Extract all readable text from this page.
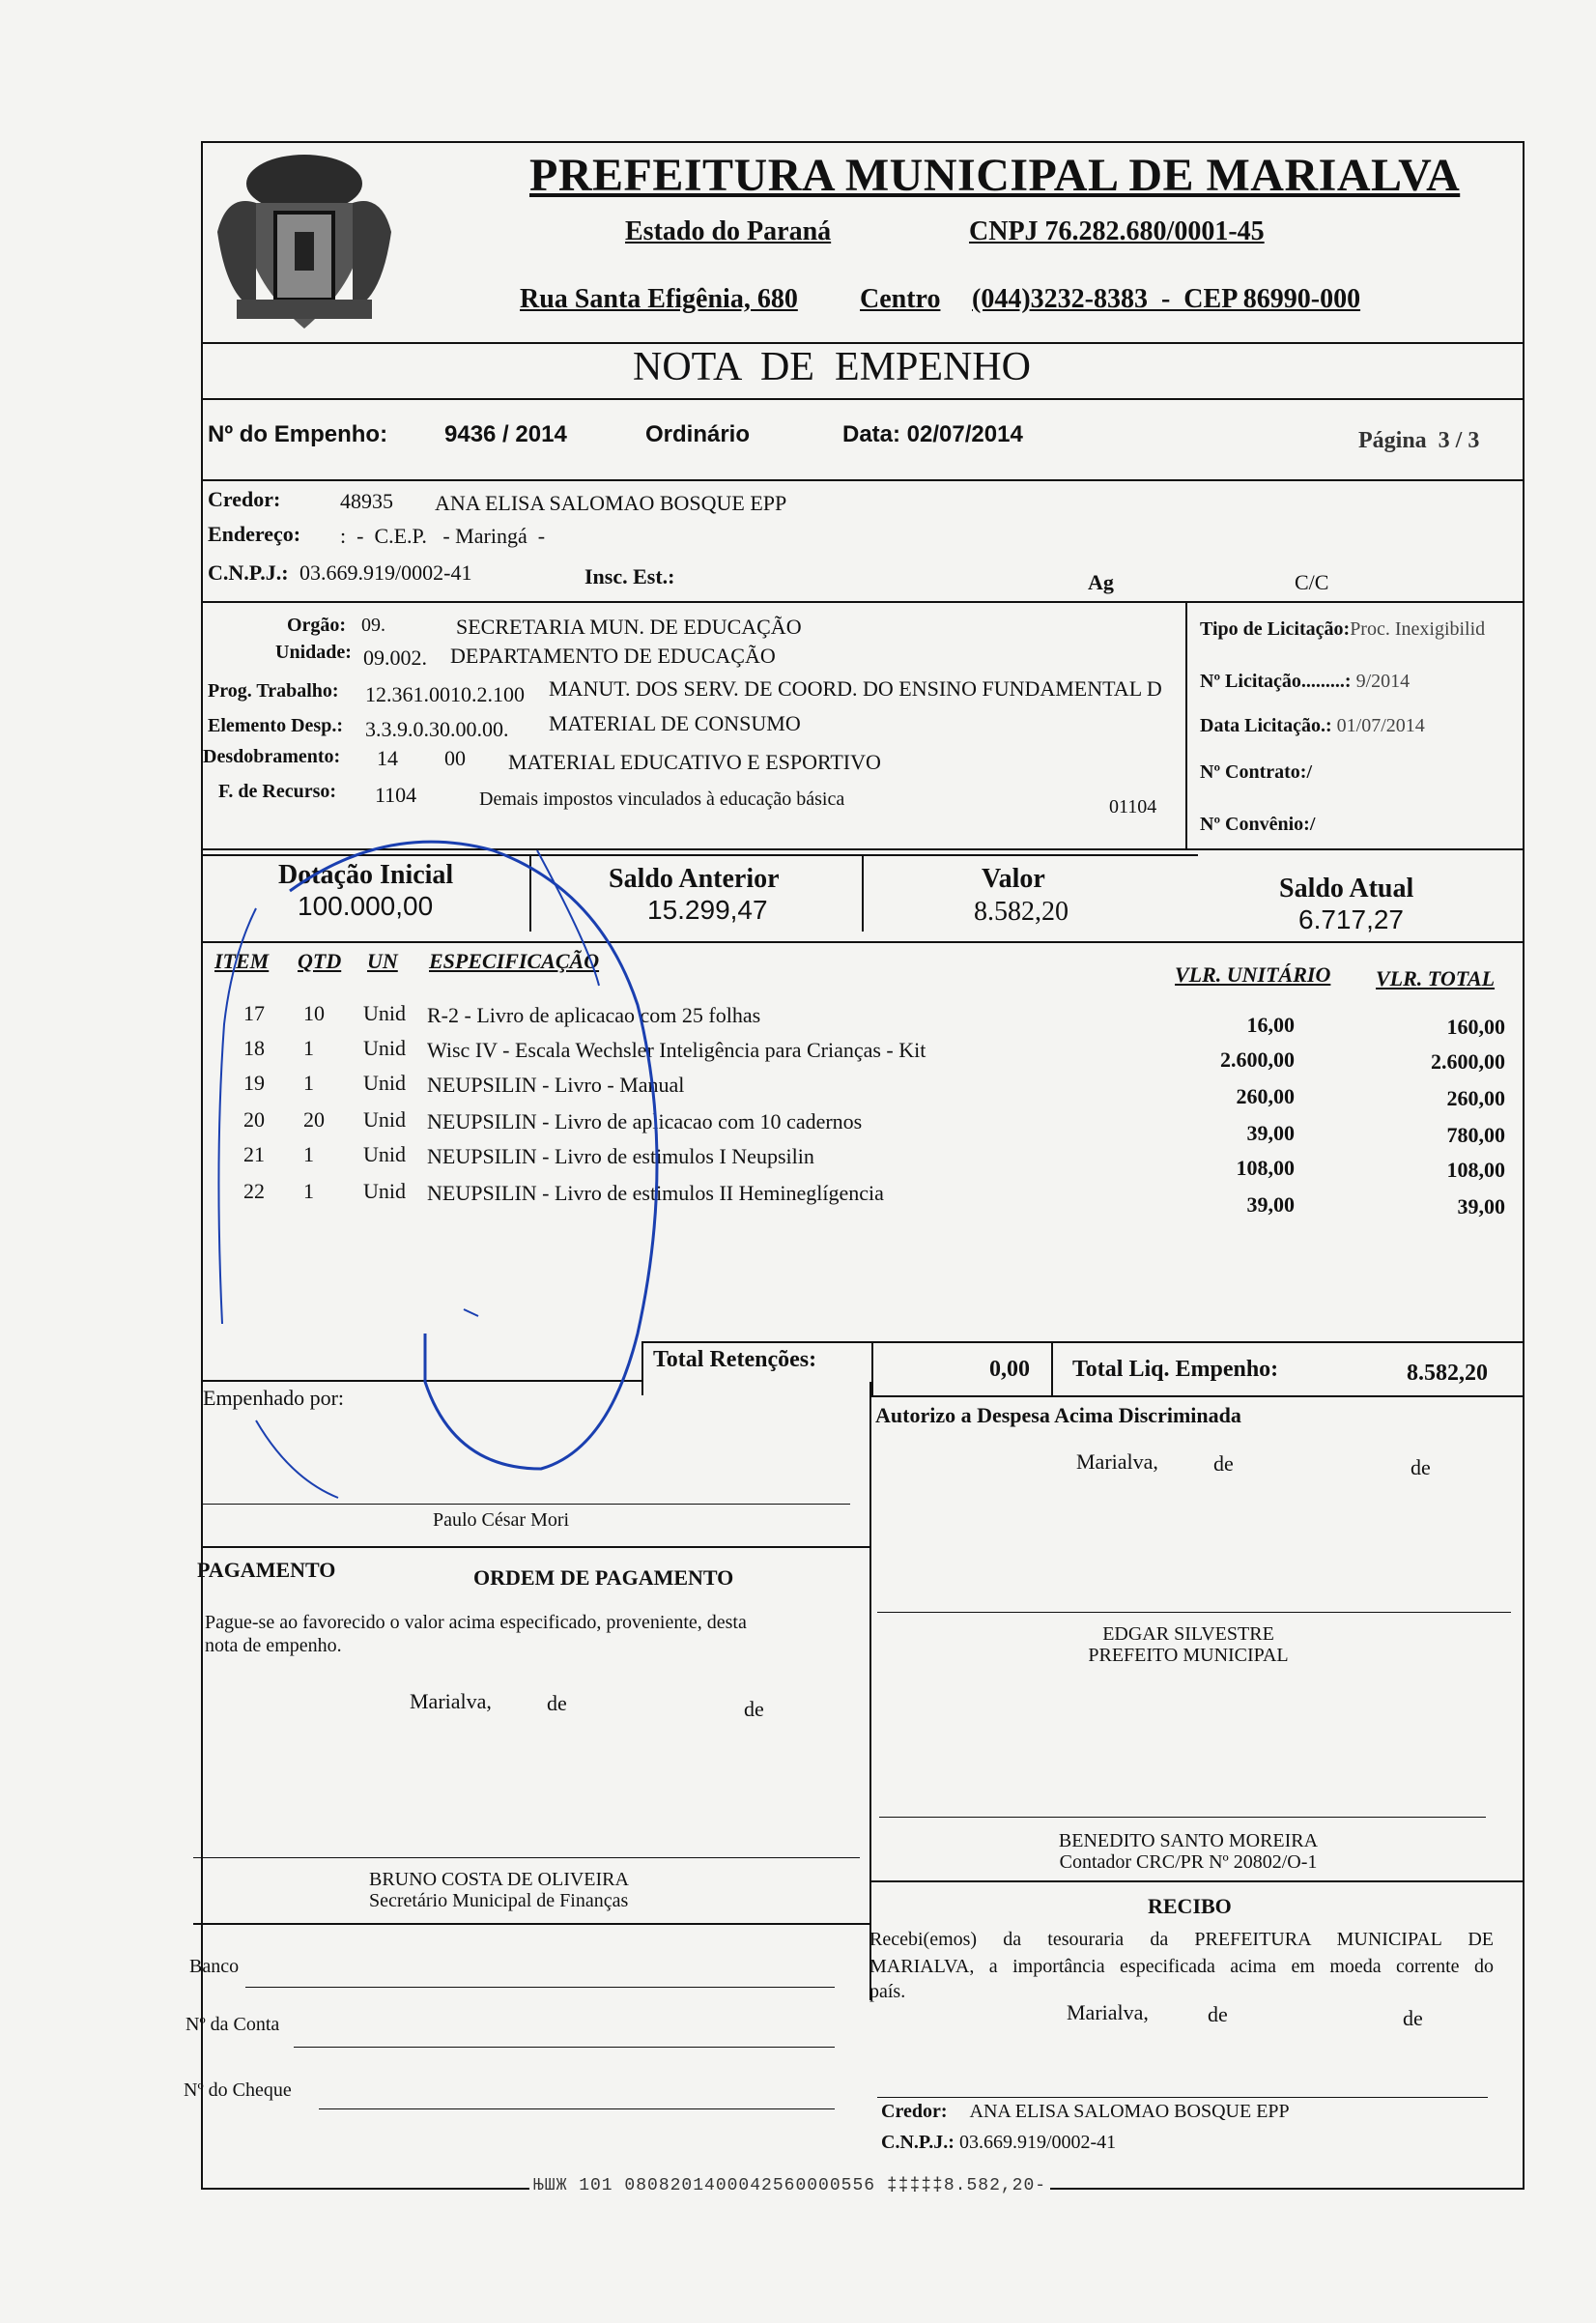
PREFEITURA MUNICIPAL DE MARIALVA
Estado do Paraná	CNPJ 76.282.680/0001-45
Rua Santa Efigênia, 680 Centro (044)3232-8383  -  CEP 86990-000
NOTA  DE  EMPENHO
Nº do Empenho: 9436 / 2014	Ordinário	Data: 02/07/2014	Página  3 / 3
Credor:	48935 ANA ELISA SALOMAO BOSQUE EPP
Endereço: :  -  C.E.P.   - Maringá  -
C.N.P.J.: 03.669.919/0002-41	Insc. Est.:	Ag	C/C
Orgão: 09.	SECRETARIA MUN. DE EDUCAÇÃO
Unidade: 09.002. DEPARTAMENTO DE EDUCAÇÃO
Prog. Trabalho: 12.361.0010.2.100 MANUT. DOS SERV. DE COORD. DO ENSINO FUNDAMENTAL D
Elemento Desp.: 3.3.9.0.30.00.00. MATERIAL DE CONSUMO
Desdobramento: 14 00 MATERIAL EDUCATIVO E ESPORTIVO
F. de Recurso: 1104	Demais impostos vinculados à educação básica	01104
Tipo de Licitação:Proc. Inexigibilid
Nº Licitação.........: 9/2014
Data Licitação.: 01/07/2014
Nº Contrato:/
Nº Convênio:/
Dotação Inicial
100.000,00
Saldo Anterior
15.299,47
Valor
8.582,20
Saldo Atual
6.717,27
ITEM QTD UN ESPECIFICAÇÃO
VLR. UNITÁRIO VLR. TOTAL
17 10 Unid R-2 - Livro de aplicacao com 25 folhas	16,00	160,00
18 1 Unid Wisc IV - Escala Wechsler Inteligência para Crianças - Kit	2.600,00	2.600,00
19 1 Unid NEUPSILIN - Livro - Manual	260,00	260,00
20 20 Unid NEUPSILIN - Livro de aplicacao com 10 cadernos	39,00	780,00
21 1 Unid NEUPSILIN - Livro de estimulos I Neupsilin	108,00	108,00
22 1 Unid NEUPSILIN - Livro de estimulos II Hemineglígencia	39,00	39,00
Total Retenções:	0,00 Total Liq. Empenho:	8.582,20
Empenhado por:
Autorizo a Despesa Acima Discriminada
Marialva,	de	de
Paulo César Mori
PAGAMENTO	ORDEM DE PAGAMENTO
Pague-se ao favorecido o valor acima especificado, proveniente, desta
nota de empenho.
Marialva,	de	de
EDGAR SILVESTRE
PREFEITO MUNICIPAL
BENEDITO SANTO MOREIRA
Contador CRC/PR Nº 20802/O-1
BRUNO COSTA DE OLIVEIRA
Secretário Municipal de Finanças	RECIBO
Recebi(emos) da tesouraria da PREFEITURA MUNICIPAL DE
MARIALVA, a importância especificada acima em moeda corrente do
país.
Marialva,	de	de
Credor: ANA ELISA SALOMAO BOSQUE EPP
C.N.P.J.: 03.669.919/0002-41
Banco
Nº da Conta
Nº do Cheque
ЊШЖ 101 0808201400042560000556 ‡‡‡‡‡8.582,20-
